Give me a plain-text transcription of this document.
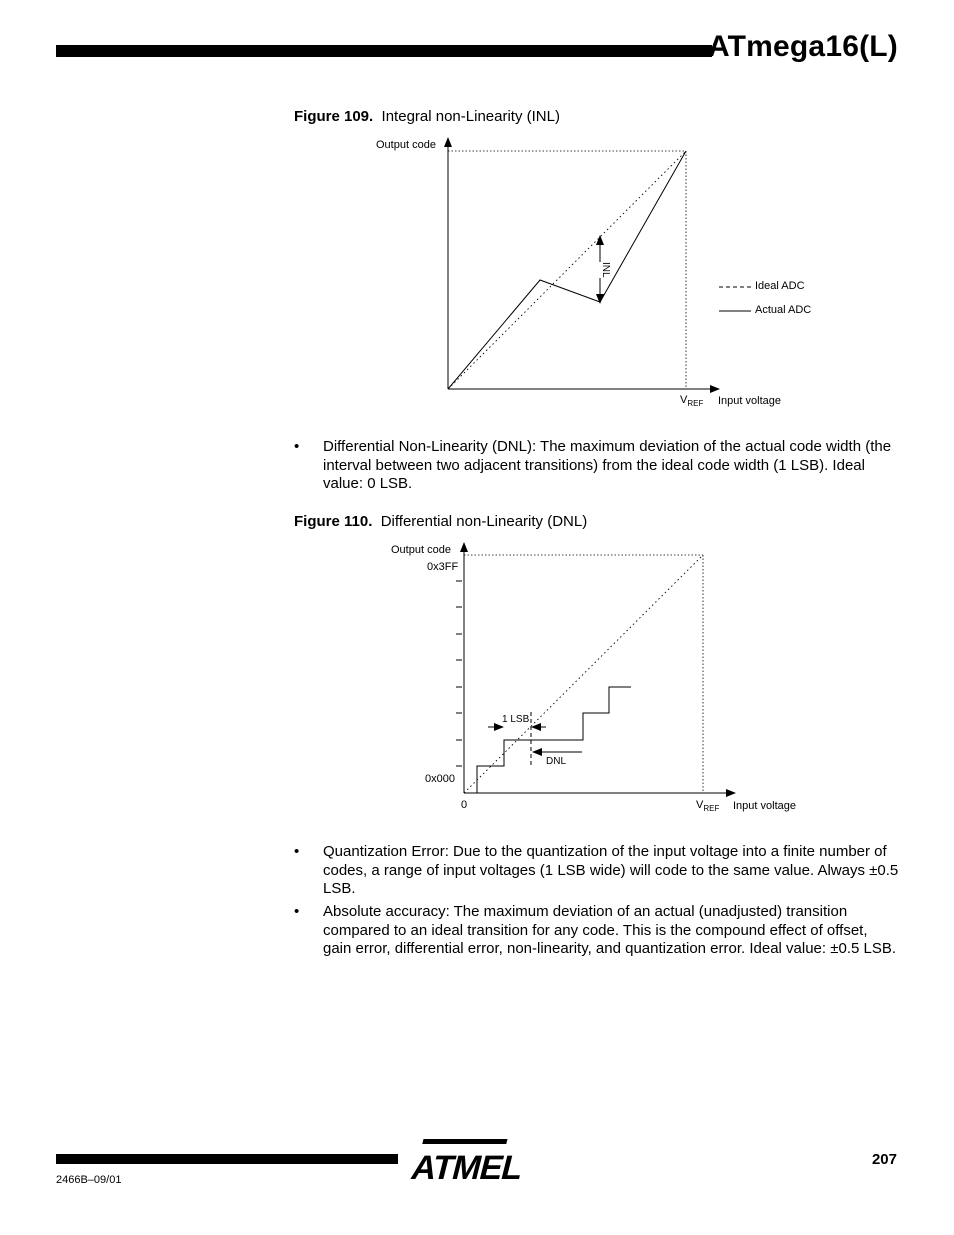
ATmega16(L)
Figure 109. Integral non-Linearity (INL)
INL
Output code
$V_{REF}$ Input voltage
Ideal ADC
Actual ADC
• Differential Non-Linearity (DNL): The maximum deviation of the actual code width (the interval between two adjacent transitions) from the ideal code width (1 LSB). Ideal value: 0 LSB.
Figure 110. Differential non-Linearity (DNL)
1 LSB
DNL
Output code
0x3FF
0x000
0	$V_{REF}$ Input voltage
• Quantization Error: Due to the quantization of the input voltage into a finite number of codes, a range of input voltages (1 LSB wide) will code to the same value. Always ±0.5 LSB.
• Absolute accuracy: The maximum deviation of an actual (unadjusted) transition compared to an ideal transition for any code. This is the compound effect of offset, gain error, differential error, non-linearity, and quantization error. Ideal value: ±0.5 LSB.
2466B–09/01	ATMEL	207
